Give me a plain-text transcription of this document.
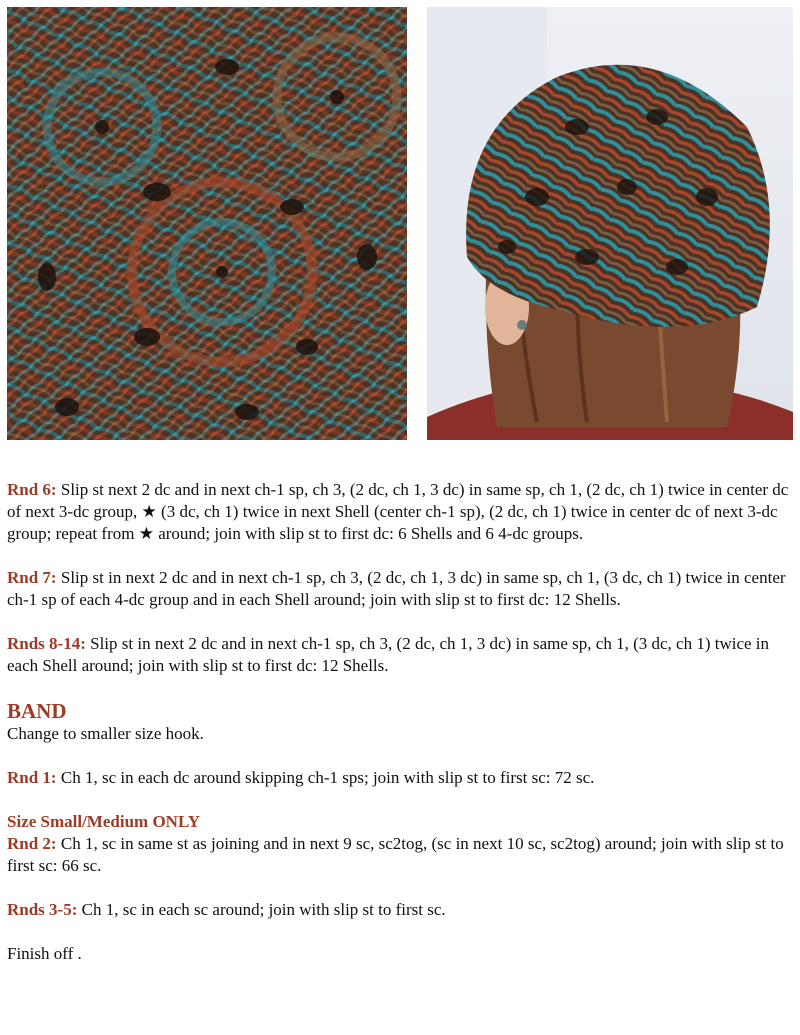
Rnd 6: Slip st next 2 dc and in next ch-1 sp, ch 3, (2 dc, ch 1, 3 dc) in same sp, ch 1, (2 dc, ch 1) twice in center dc of next 3-dc group, ★ (3 dc, ch 1) twice in next Shell (center ch-1 sp), (2 dc, ch 1) twice in center dc of next 3-dc group; repeat from ★ around; join with slip st to first dc: 6 Shells and 6 4-dc groups.

Rnd 7: Slip st in next 2 dc and in next ch-1 sp, ch 3, (2 dc, ch 1, 3 dc) in same sp, ch 1, (3 dc, ch 1) twice in center ch-1 sp of each 4-dc group and in each Shell around; join with slip st to first dc: 12 Shells.

Rnds 8-14: Slip st in next 2 dc and in next ch-1 sp, ch 3, (2 dc, ch 1, 3 dc) in same sp, ch 1, (3 dc, ch 1) twice in each Shell around; join with slip st to first dc: 12 Shells.

BAND

Change to smaller size hook.

Rnd 1: Ch 1, sc in each dc around skipping ch-1 sps; join with slip st to first sc: 72 sc.

Size Small/Medium ONLY

Rnd 2: Ch 1, sc in same st as joining and in next 9 sc, sc2tog, (sc in next 10 sc, sc2tog) around; join with slip st to first sc: 66 sc.

Rnds 3-5: Ch 1, sc in each sc around; join with slip st to first sc.

Finish off .
